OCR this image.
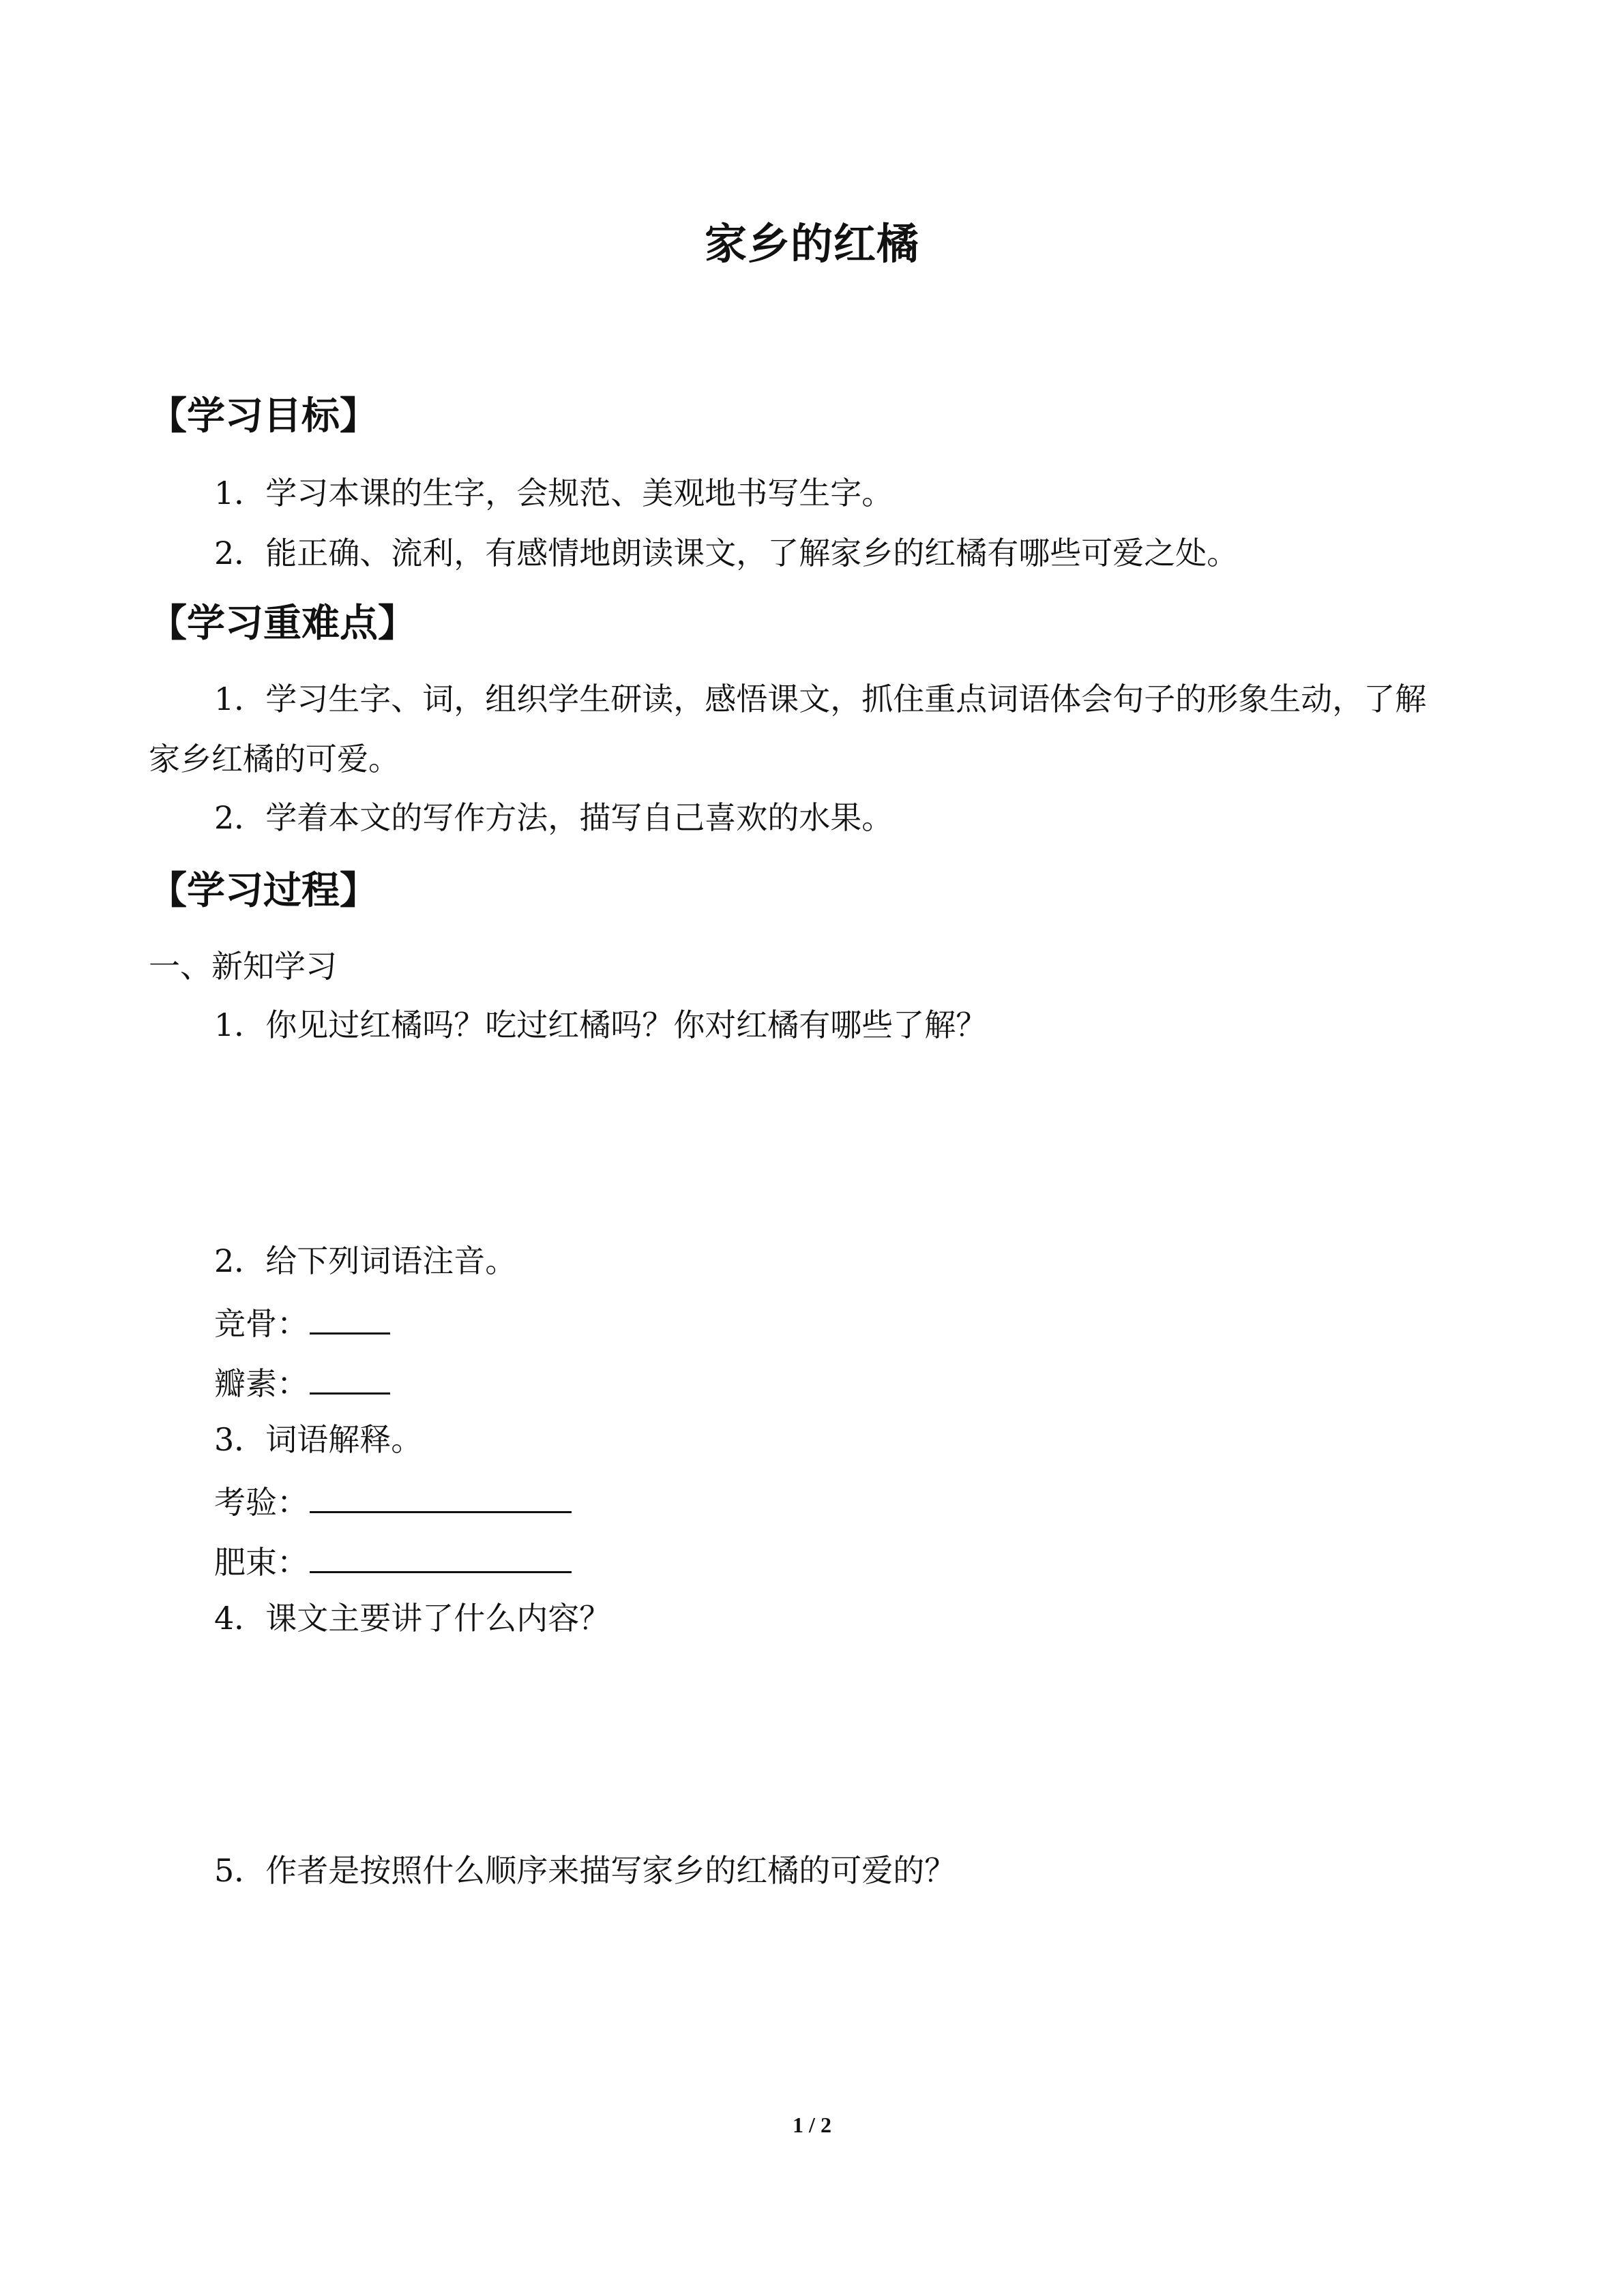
家乡的红橘
【学习目标】
1．学习本课的生字，会规范、美观地书写生字。
2．能正确、流利，有感情地朗读课文，了解家乡的红橘有哪些可爱之处。
【学习重难点】
1．学习生字、词，组织学生研读，感悟课文，抓住重点词语体会句子的形象生动，了解
家乡红橘的可爱。
2．学着本文的写作方法，描写自己喜欢的水果。
【学习过程】
一、新知学习
1．你见过红橘吗？吃过红橘吗？你对红橘有哪些了解？
2．给下列词语注音。
竞骨：
瓣素：
3．词语解释。
考验：
肥束：
4．课文主要讲了什么内容？
5．作者是按照什么顺序来描写家乡的红橘的可爱的？
1 / 2
